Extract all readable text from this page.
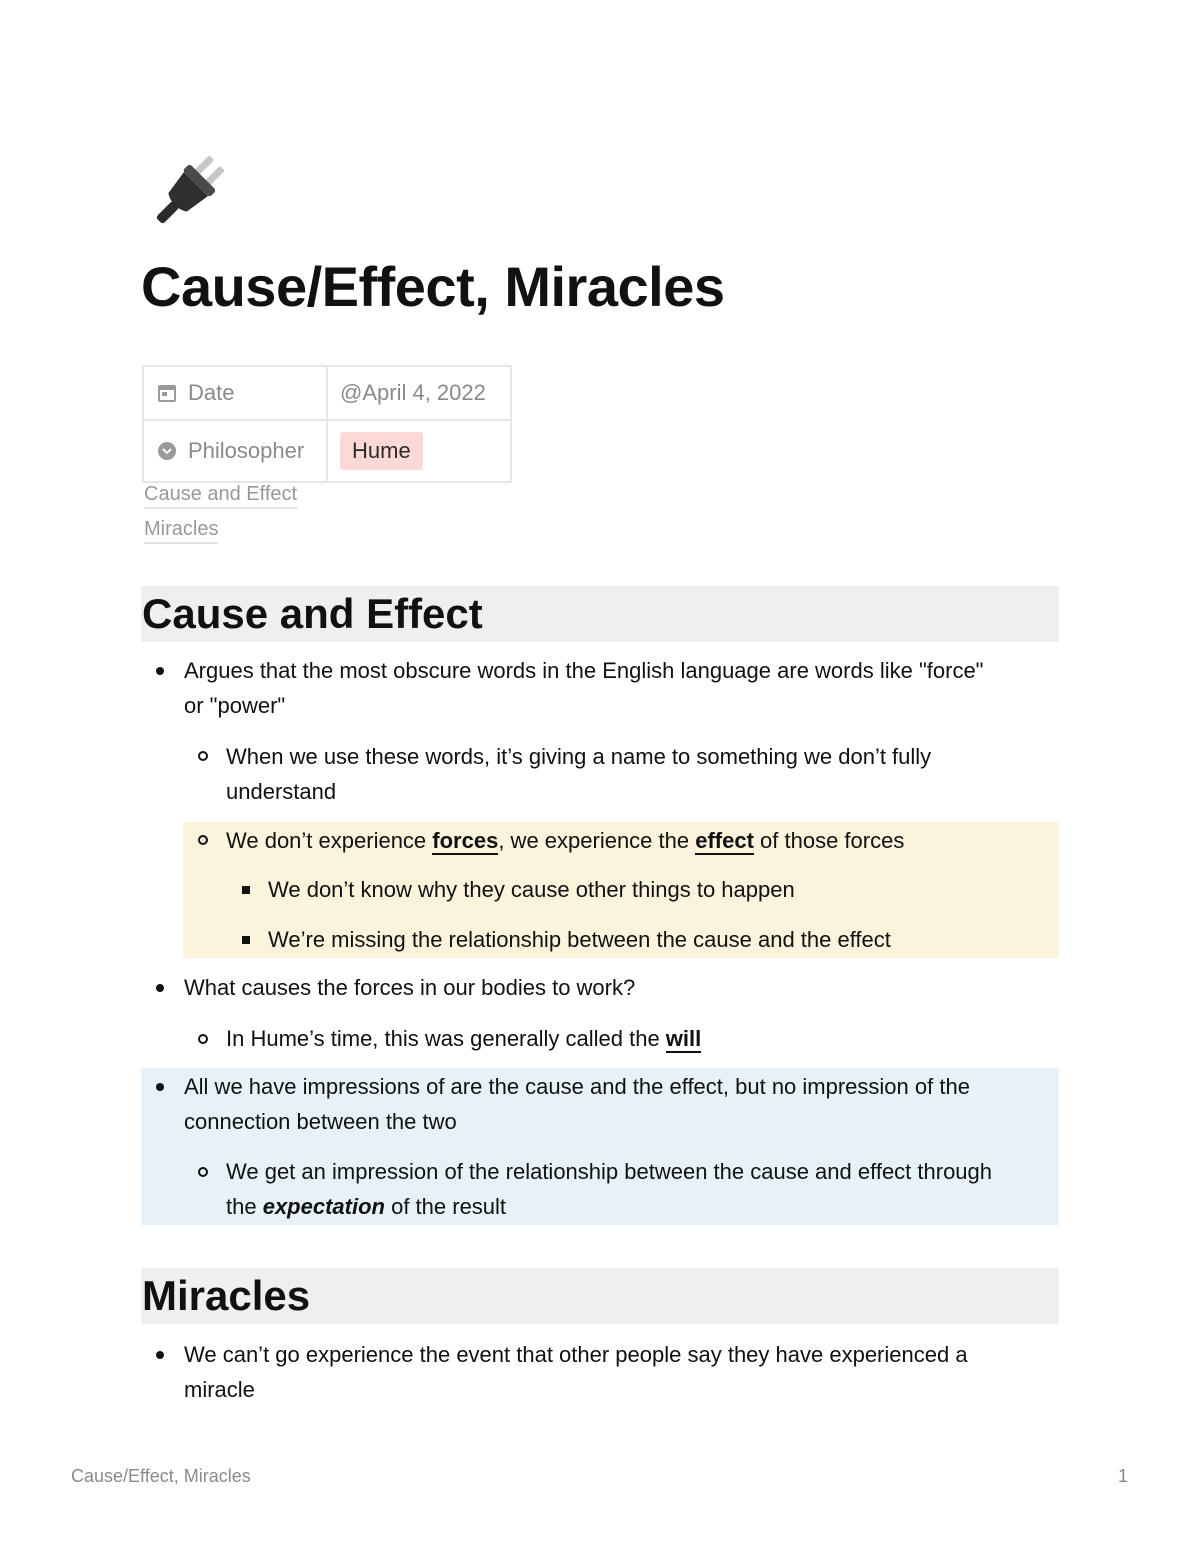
Cause/Effect, Miracles
Date	@April 4, 2022

Philosopher	Hume
Cause and Effect
Miracles
Cause and Effect
Argues that the most obscure words in the English language are words like "force"
or "power"
When we use these words, it’s giving a name to something we don’t fully
understand
We don’t experience forces, we experience the effect of those forces
We don’t know why they cause other things to happen
We’re missing the relationship between the cause and the effect
What causes the forces in our bodies to work?
In Hume’s time, this was generally called the will
All we have impressions of are the cause and the effect, but no impression of the
connection between the two
We get an impression of the relationship between the cause and effect through
the expectation of the result
Miracles
We can’t go experience the event that other people say they have experienced a
miracle
Cause/Effect, Miracles	1
